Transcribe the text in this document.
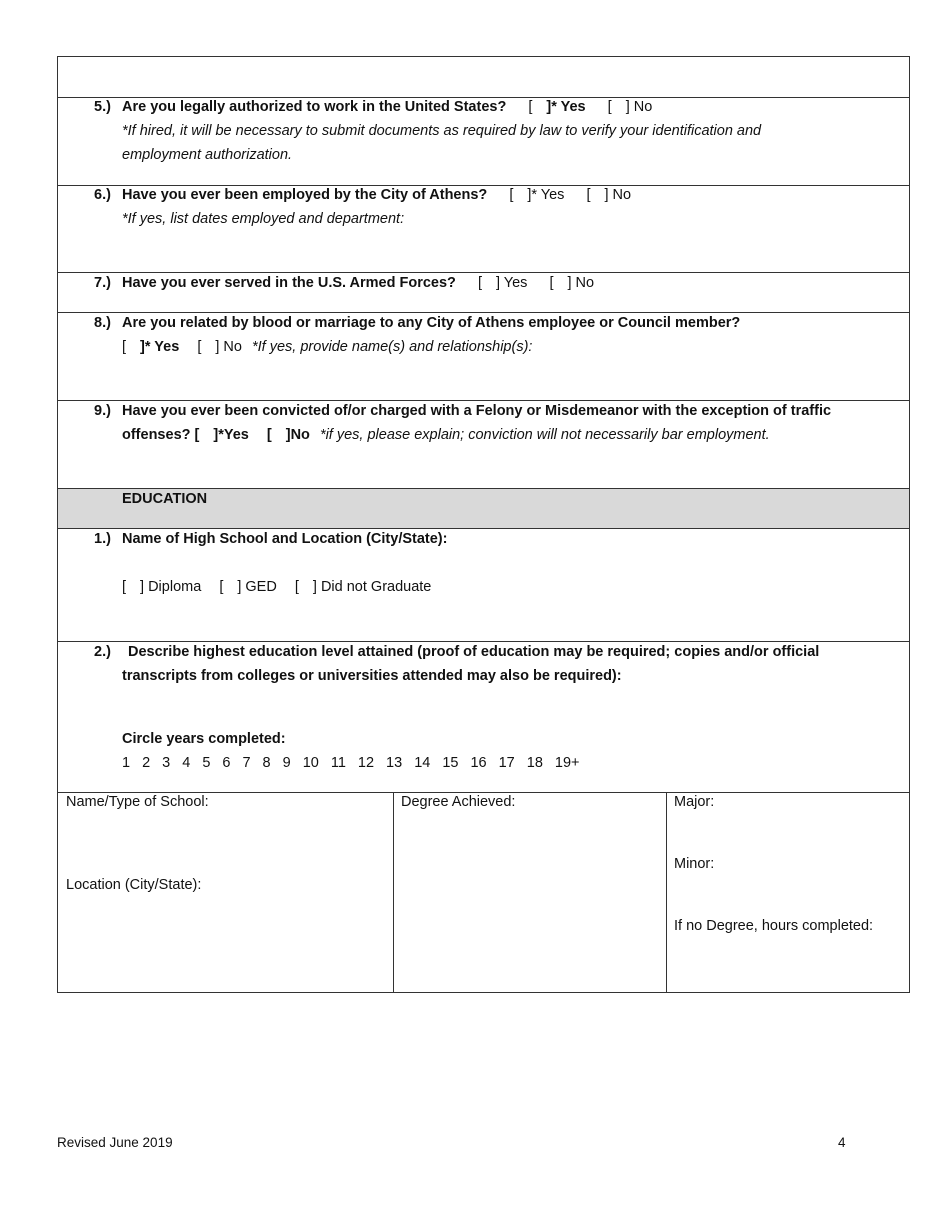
5.) Are you legally authorized to work in the United States? [ ]* Yes [ ] No
*If hired, it will be necessary to submit documents as required by law to verify your identification and
employment authorization.
6.) Have you ever been employed by the City of Athens? [ ]* Yes [ ] No
*If yes, list dates employed and department:
7.) Have you ever served in the U.S. Armed Forces? [ ] Yes [ ] No
8.) Are you related by blood or marriage to any City of Athens employee or Council member?
[ ]* Yes [ ] No *If yes, provide name(s) and relationship(s):
9.) Have you ever been convicted of/or charged with a Felony or Misdemeanor with the exception of traffic
offenses? [ ]*Yes [ ]No *if yes, please explain; conviction will not necessarily bar employment.
EDUCATION
1.) Name of High School and Location (City/State):
[ ] Diploma [ ] GED [ ] Did not Graduate
2.) Describe highest education level attained (proof of education may be required; copies and/or official
transcripts from colleges or universities attended may also be required):
Circle years completed:
1 2 3 4 5 6 7 8 9 10 11 12 13 14 15 16 17 18 19+
Name/Type of School:
Location (City/State):
Degree Achieved:	Major:
Minor:
If no Degree, hours completed:
Revised June 2019	4
